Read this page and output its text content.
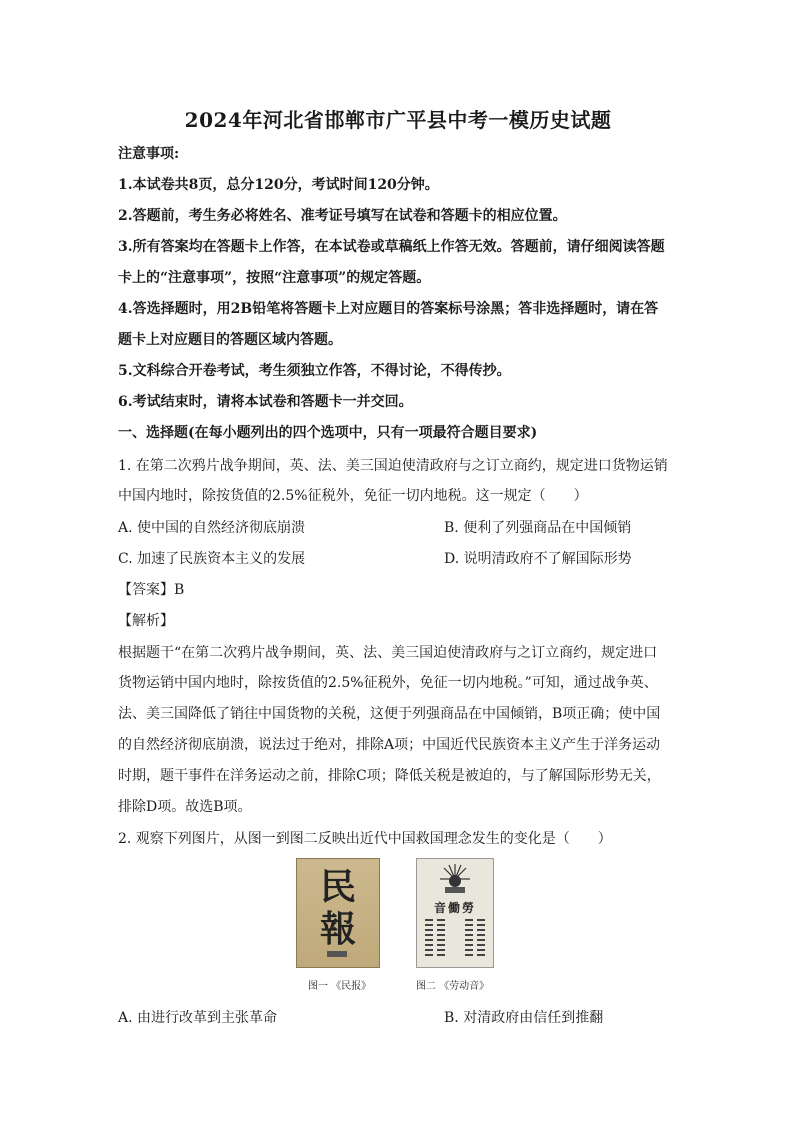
2024年河北省邯郸市广平县中考一模历史试题
注意事项:
1.本试卷共8页，总分120分，考试时间120分钟。
2.答题前，考生务必将姓名、准考证号填写在试卷和答题卡的相应位置。
3.所有答案均在答题卡上作答，在本试卷或草稿纸上作答无效。答题前，请仔细阅读答题
卡上的“注意事项”，按照“注意事项”的规定答题。
4.答选择题时，用2B铅笔将答题卡上对应题目的答案标号涂黑；答非选择题时，请在答
题卡上对应题目的答题区域内答题。
5.文科综合开卷考试，考生须独立作答，不得讨论，不得传抄。
6.考试结束时，请将本试卷和答题卡一并交回。
一、选择题(在每小题列出的四个选项中，只有一项最符合题目要求)
1. 在第二次鸦片战争期间，英、法、美三国迫使清政府与之订立商约，规定进口货物运销
中国内地时，除按货值的2.5%征税外，免征一切内地税。这一规定（　　）
A. 使中国的自然经济彻底崩溃	B. 便利了列强商品在中国倾销
C. 加速了民族资本主义的发展	D. 说明清政府不了解国际形势
【答案】B
【解析】
根据题干“在第二次鸦片战争期间，英、法、美三国迫使清政府与之订立商约，规定进口
货物运销中国内地时，除按货值的2.5%征税外，免征一切内地税。”可知，通过战争英、
法、美三国降低了销往中国货物的关税，这便于列强商品在中国倾销，B项正确；使中国
的自然经济彻底崩溃，说法过于绝对，排除A项；中国近代民族资本主义产生于洋务运动
时期，题干事件在洋务运动之前，排除C项；降低关税是被迫的，与了解国际形势无关，
排除D项。故选B项。
2. 观察下列图片，从图一到图二反映出近代中国救国理念发生的变化是（　　）
民
報	音働勞
图一 《民报》	图二 《劳动音》
A. 由进行改革到主张革命	B. 对清政府由信任到推翻
